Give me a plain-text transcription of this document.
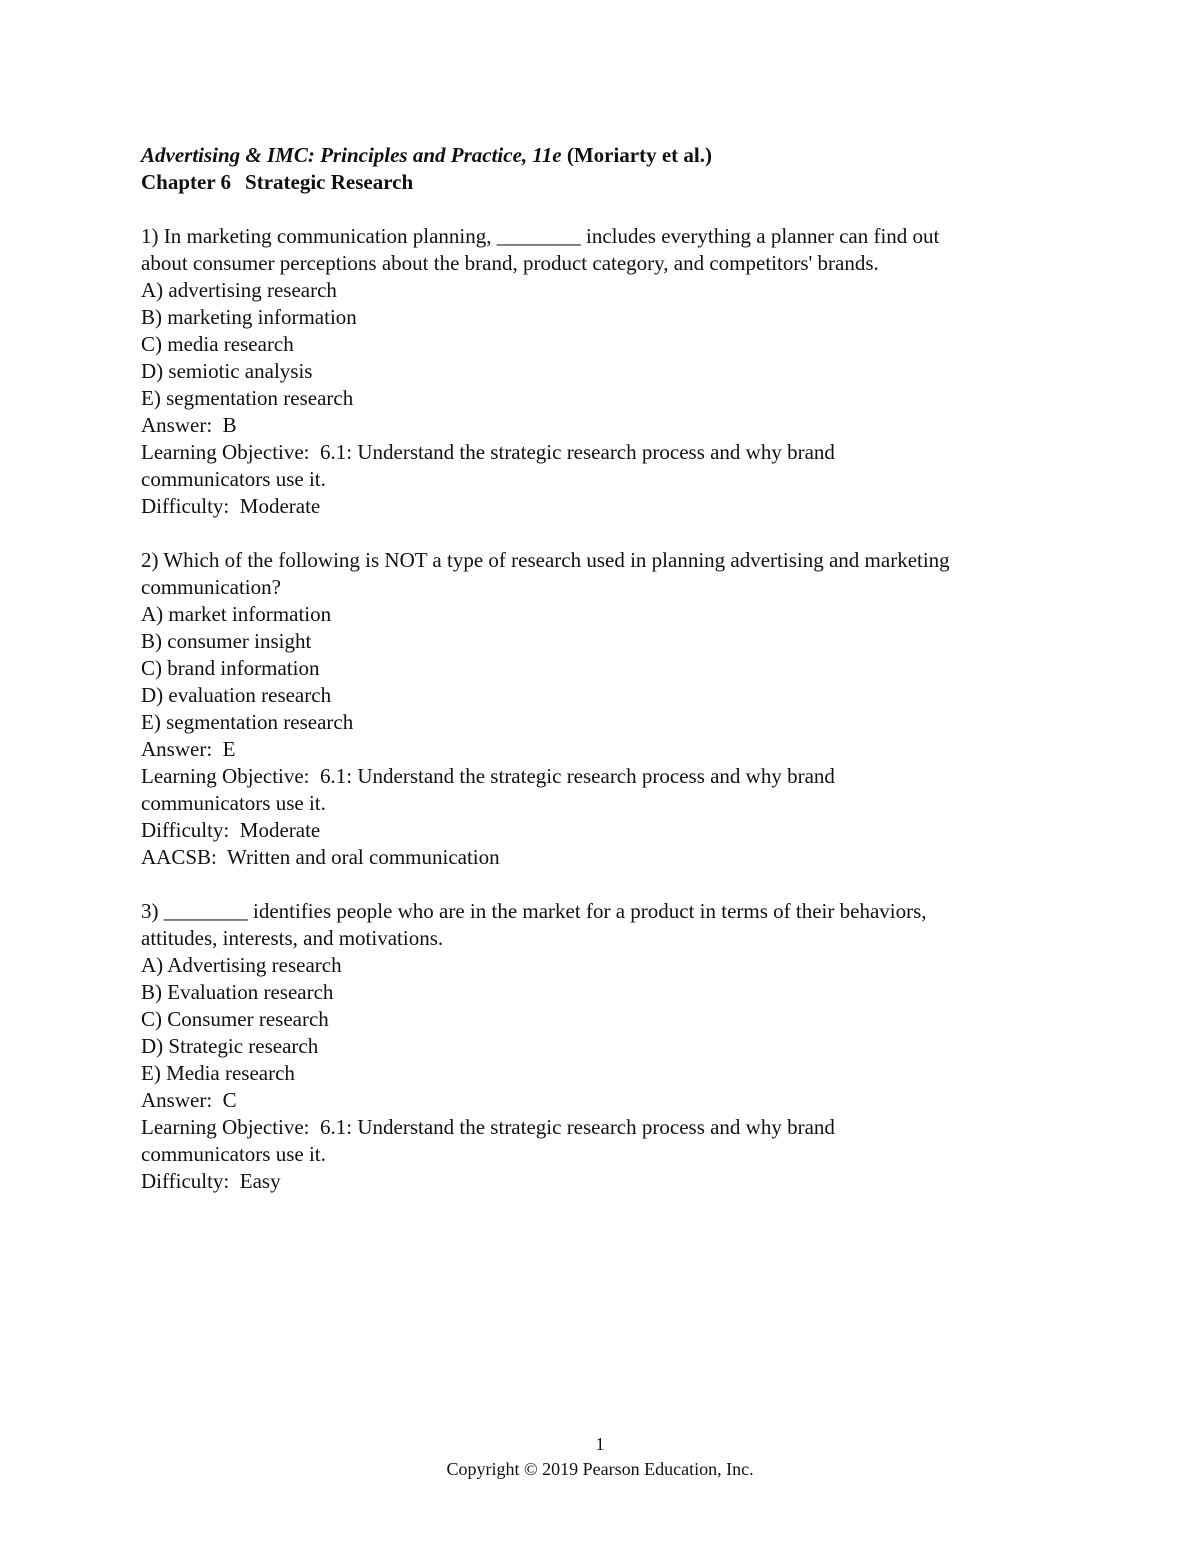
Advertising & IMC: Principles and Practice, 11e (Moriarty et al.)

Chapter 6 Strategic Research

1) In marketing communication planning, ________ includes everything a planner can find out

about consumer perceptions about the brand, product category, and competitors' brands.

A) advertising research

B) marketing information

C) media research

D) semiotic analysis

E) segmentation research

Answer:  B

Learning Objective:  6.1: Understand the strategic research process and why brand

communicators use it.

Difficulty:  Moderate

2) Which of the following is NOT a type of research used in planning advertising and marketing

communication?

A) market information

B) consumer insight

C) brand information

D) evaluation research

E) segmentation research

Answer:  E

Learning Objective:  6.1: Understand the strategic research process and why brand

communicators use it.

Difficulty:  Moderate

AACSB:  Written and oral communication

3) ________ identifies people who are in the market for a product in terms of their behaviors,

attitudes, interests, and motivations.

A) Advertising research

B) Evaluation research

C) Consumer research

D) Strategic research

E) Media research

Answer:  C

Learning Objective:  6.1: Understand the strategic research process and why brand

communicators use it.

Difficulty:  Easy

1
Copyright © 2019 Pearson Education, Inc.
